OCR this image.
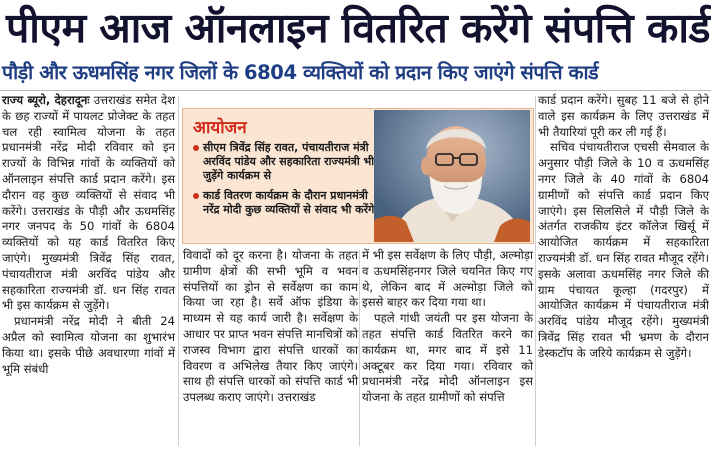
पीएम आज ऑनलाइन वितरित करेंगे संपत्ति कार्ड
पौड़ी और ऊधमसिंह नगर जिलों के 6804 व्यक्तियों को प्रदान किए जाएंगे संपत्ति कार्ड

राज्य ब्यूरो, देहरादूनः उत्तराखंड समेत देश के छह राज्यों में पायलट प्रोजेक्ट के तहत चल रही स्वामित्व योजना के तहत प्रधानमंत्री नरेंद्र मोदी रविवार को इन राज्यों के विभिन्न गांवों के व्यक्तियों को ऑनलाइन संपत्ति कार्ड प्रदान करेंगे। इस दौरान वह कुछ व्यक्तियों से संवाद भी करेंगे। उत्तराखंड के पौड़ी और ऊधमसिंह नगर जनपद के 50 गांवों के 6804 व्यक्तियों को यह कार्ड वितरित किए जाएंगे। मुख्यमंत्री त्रिवेंद्र सिंह रावत, पंचायतीराज मंत्री अरविंद पांडेय और सहकारिता राज्यमंत्री डॉ. धन सिंह रावत भी इस कार्यक्रम से जुड़ेंगे।

प्रधानमंत्री नरेंद्र मोदी ने बीती 24 अप्रैल को स्वामित्व योजना का शुभारंभ किया था। इसके पीछे अवधारणा गांवों में भूमि संबंधी

आयोजन
सीएम त्रिवेंद्र सिंह रावत, पंचायतीराज मंत्री अरविंद पांडेय और सहकारिता राज्यमंत्री भी जुड़ेंगे कार्यक्रम से
कार्ड वितरण कार्यक्रम के दौरान प्रधानमंत्री नरेंद्र मोदी कुछ व्यक्तियों से संवाद भी करेंगे

विवादों को दूर करना है। योजना के तहत ग्रामीण क्षेत्रों की सभी भूमि व भवन संपत्तियों का ड्रोन से सर्वेक्षण का काम किया जा रहा है। सर्वे ऑफ इंडिया के माध्यम से यह कार्य जारी है। सर्वेक्षण के आधार पर प्राप्त भवन संपत्ति मानचित्रों को राजस्व विभाग द्वारा संपत्ति धारकों का विवरण व अभिलेख तैयार किए जाएंगे। साथ ही संपत्ति धारकों को संपत्ति कार्ड भी उपलब्ध कराए जाएंगे। उत्तराखंड

में भी इस सर्वेक्षण के लिए पौड़ी, अल्मोड़ा व ऊधमसिंहनगर जिले चयनित किए गए थे, लेकिन बाद में अल्मोड़ा जिले को इससे बाहर कर दिया गया था।

पहले गांधी जयंती पर इस योजना के तहत संपत्ति कार्ड वितरित करने का कार्यक्रम था, मगर बाद में इसे 11 अक्टूबर कर दिया गया। रविवार को प्रधानमंत्री नरेंद्र मोदी ऑनलाइन इस योजना के तहत ग्रामीणों को संपत्ति

कार्ड प्रदान करेंगे। सुबह 11 बजे से होने वाले इस कार्यक्रम के लिए उत्तराखंड में भी तैयारियां पूरी कर ली गई हैं।

सचिव पंचायतीराज एचसी सेमवाल के अनुसार पौड़ी जिले के 10 व ऊधमसिंह नगर जिले के 40 गांवों के 6804 ग्रामीणों को संपत्ति कार्ड प्रदान किए जाएंगे। इस सिलसिले में पौड़ी जिले के अंतर्गत राजकीय इंटर कॉलेज खिर्सू में आयोजित कार्यक्रम में सहकारिता राज्यमंत्री डॉ. धन सिंह रावत मौजूद रहेंगे। इसके अलावा ऊधमसिंह नगर जिले की ग्राम पंचायत कूल्हा (गदरपुर) में आयोजित कार्यक्रम में पंचायतीराज मंत्री अरविंद पांडेय मौजूद रहेंगे। मुख्यमंत्री त्रिवेंद्र सिंह रावत भी भ्रमण के दौरान डेस्कटॉप के जरिये कार्यक्रम से जुड़ेंगे।
